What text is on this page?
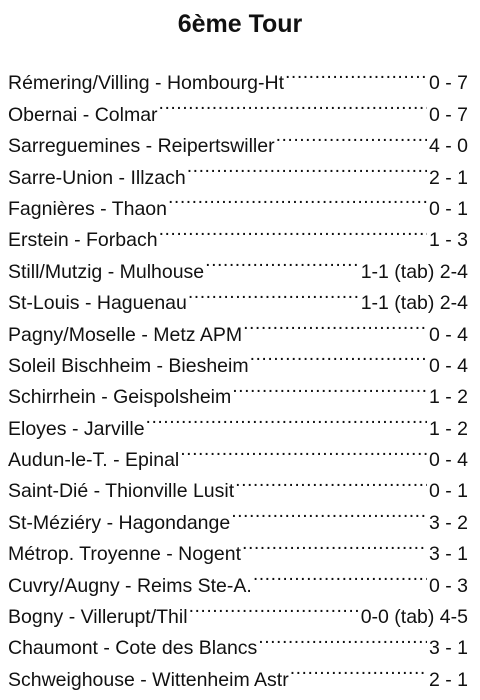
6ème Tour
Rémering/Villing - Hombourg-Ht .....	0 - 7
Obernai - Colmar .....	0 - 7
Sarreguemines - Reipertswiller .....	4 - 0
Sarre-Union - Illzach .....	2 - 1
Fagnières - Thaon .....	0 - 1
Erstein - Forbach .....	1 - 3
Still/Mutzig - Mulhouse .....	1-1 (tab) 2-4
St-Louis - Haguenau .....	1-1 (tab) 2-4
Pagny/Moselle - Metz APM .....	0 - 4
Soleil Bischheim - Biesheim .....	0 - 4
Schirrhein - Geispolsheim .....	1 - 2
Eloyes - Jarville .....	1 - 2
Audun-le-T. - Epinal .....	0 - 4
Saint-Dié - Thionville Lusit .....	0 - 1
St-Méziéry - Hagondange .....	3 - 2
Métrop. Troyenne - Nogent .....	3 - 1
Cuvry/Augny - Reims Ste-A. .....	0 - 3
Bogny - Villerupt/Thil .....	0-0 (tab) 4-5
Chaumont - Cote des Blancs .....	3 - 1
Schweighouse - Wittenheim Astr .....	2 - 1
